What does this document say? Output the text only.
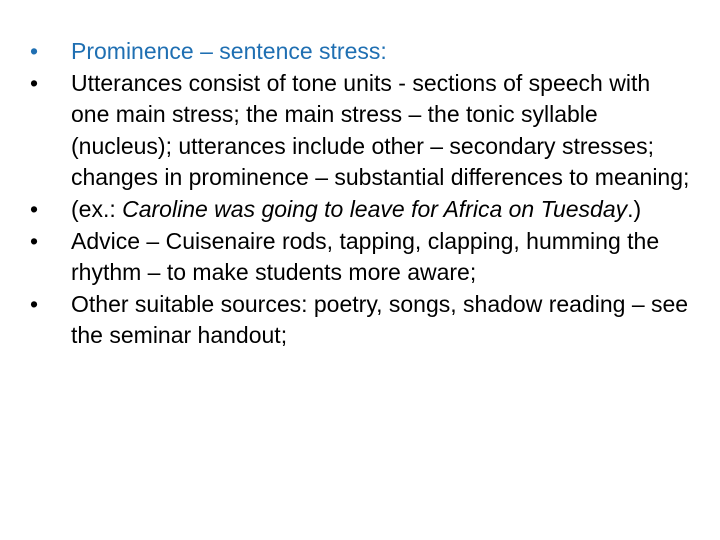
•	Prominence – sentence stress:
•	Utterances consist of tone units - sections of speech with one main stress; the main stress – the tonic syllable (nucleus); utterances include other – secondary stresses; changes in prominence – substantial differences to meaning;
•	(ex.: Caroline was going to leave for Africa on Tuesday.)
•	Advice – Cuisenaire rods, tapping, clapping, humming the rhythm – to make students more aware;
•	Other suitable sources: poetry, songs, shadow reading – see the seminar handout;
